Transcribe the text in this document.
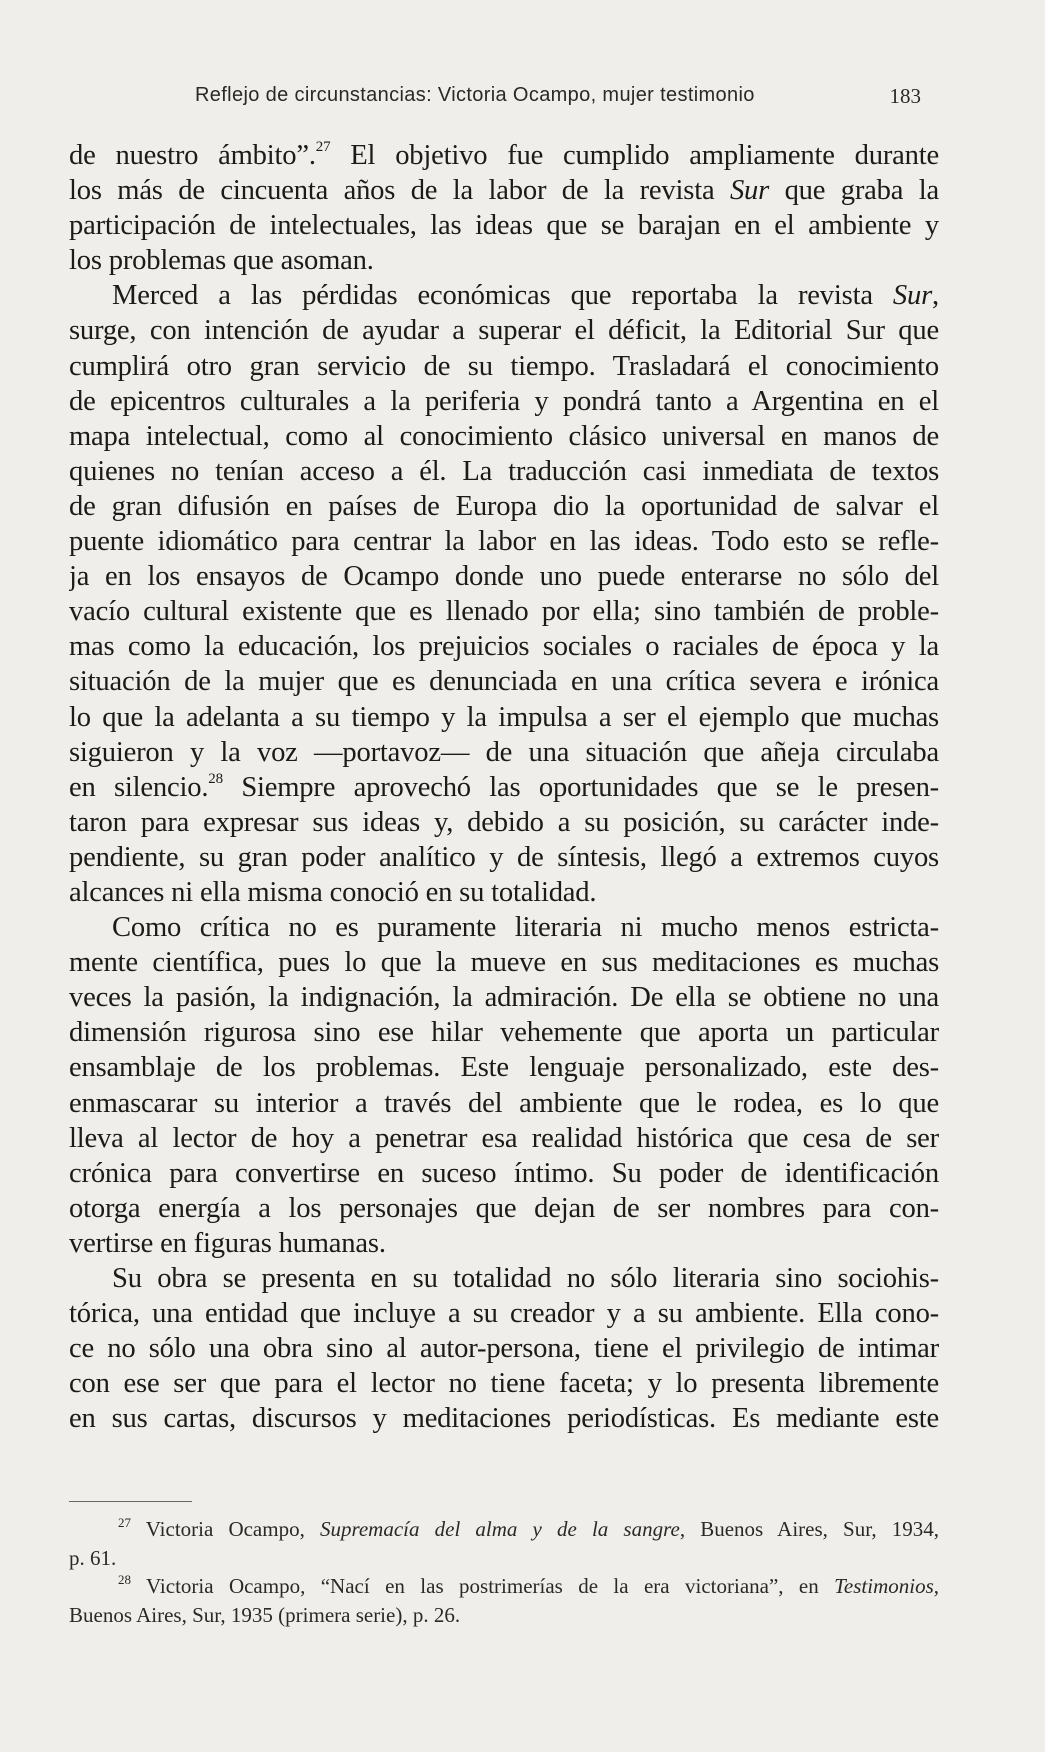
Reflejo de circunstancias: Victoria Ocampo, mujer testimonio	183
de nuestro ámbito”.$^{27}$ El objetivo fue cumplido ampliamente durante
los más de cincuenta años de la labor de la revista Sur que graba la
participación de intelectuales, las ideas que se barajan en el ambiente y
los problemas que asoman.
Merced a las pérdidas económicas que reportaba la revista Sur,
surge, con intención de ayudar a superar el déficit, la Editorial Sur que
cumplirá otro gran servicio de su tiempo. Trasladará el conocimiento
de epicentros culturales a la periferia y pondrá tanto a Argentina en el
mapa intelectual, como al conocimiento clásico universal en manos de
quienes no tenían acceso a él. La traducción casi inmediata de textos
de gran difusión en países de Europa dio la oportunidad de salvar el
puente idiomático para centrar la labor en las ideas. Todo esto se refle-
ja en los ensayos de Ocampo donde uno puede enterarse no sólo del
vacío cultural existente que es llenado por ella; sino también de proble-
mas como la educación, los prejuicios sociales o raciales de época y la
situación de la mujer que es denunciada en una crítica severa e irónica
lo que la adelanta a su tiempo y la impulsa a ser el ejemplo que muchas
siguieron y la voz —portavoz— de una situación que añeja circulaba
en silencio.$^{28}$ Siempre aprovechó las oportunidades que se le presen-
taron para expresar sus ideas y, debido a su posición, su carácter inde-
pendiente, su gran poder analítico y de síntesis, llegó a extremos cuyos
alcances ni ella misma conoció en su totalidad.
Como crítica no es puramente literaria ni mucho menos estricta-
mente científica, pues lo que la mueve en sus meditaciones es muchas
veces la pasión, la indignación, la admiración. De ella se obtiene no una
dimensión rigurosa sino ese hilar vehemente que aporta un particular
ensamblaje de los problemas. Este lenguaje personalizado, este des-
enmascarar su interior a través del ambiente que le rodea, es lo que
lleva al lector de hoy a penetrar esa realidad histórica que cesa de ser
crónica para convertirse en suceso íntimo. Su poder de identificación
otorga energía a los personajes que dejan de ser nombres para con-
vertirse en figuras humanas.
Su obra se presenta en su totalidad no sólo literaria sino sociohis-
tórica, una entidad que incluye a su creador y a su ambiente. Ella cono-
ce no sólo una obra sino al autor-persona, tiene el privilegio de intimar
con ese ser que para el lector no tiene faceta; y lo presenta libremente
en sus cartas, discursos y meditaciones periodísticas. Es mediante este
$^{27}$ Victoria Ocampo, Supremacía del alma y de la sangre, Buenos Aires, Sur, 1934,
p. 61.
$^{28}$ Victoria Ocampo, “Nací en las postrimerías de la era victoriana”, en Testimonios,
Buenos Aires, Sur, 1935 (primera serie), p. 26.
